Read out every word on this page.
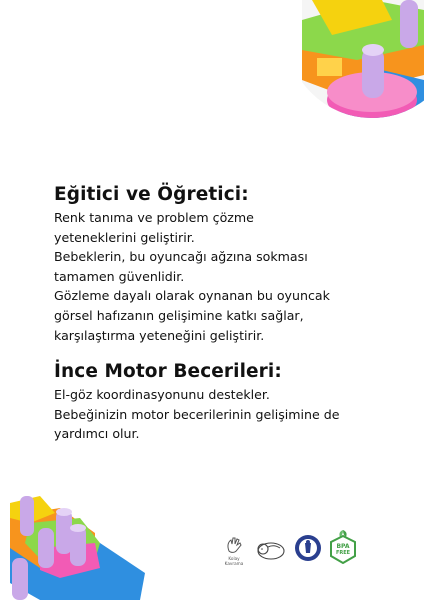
Eğitici ve Öğretici:
Renk tanıma ve problem çözme
yeteneklerini geliştirir.
Bebeklerin, bu oyuncağı ağzına sokması
tamamen güvenlidir.
Gözleme dayalı olarak oynanan bu oyuncak
görsel hafızanın gelişimine katkı sağlar,
karşılaştırma yeteneğini geliştirir.
İnce Motor Becerileri:
El-göz koordinasyonunu destekler.
Bebeğinizin motor becerilerinin gelişimine de
yardımcı olur.
Kolay Kavrama
BPA
FREE
